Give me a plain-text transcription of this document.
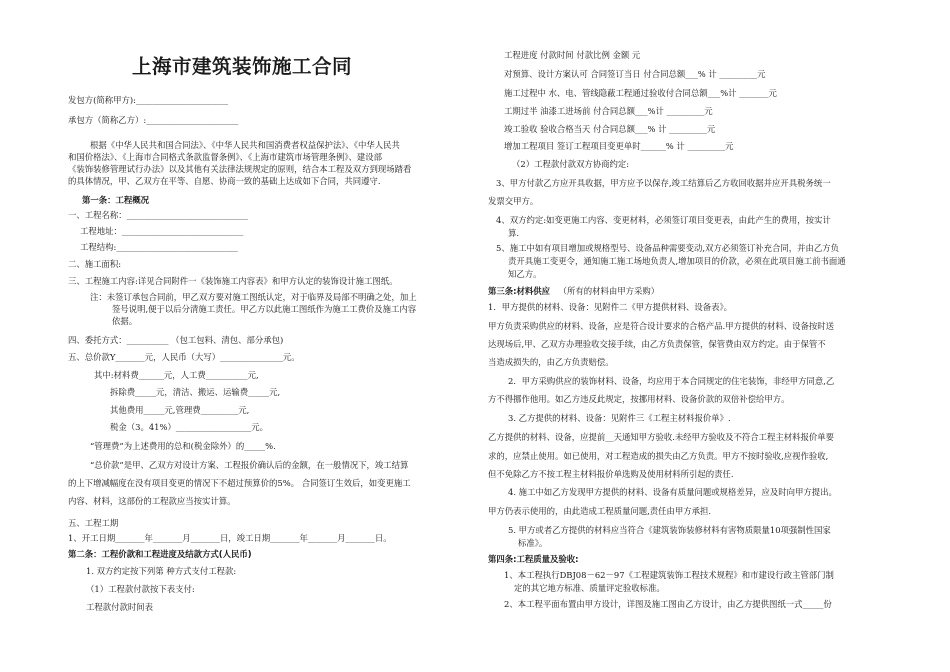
上海市建筑装饰施工合同
发包方(简称甲方):______________________
承包方（简称乙方）:______________________
根据《中华人民共和国合同法》、《中华人民共和国消费者权益保护法》、《中华人民共
和国价格法》、《上海市合同格式条款监督条例》、《上海市建筑市场管理条例》、建设部
《装饰装修管理试行办法》以及其他有关法律法规规定的原则，结合本工程及双方到现场踏看
的具体情况，甲、乙双方在平等、自愿、协商一致的基础上达成如下合同，共同遵守.
第一条：工程概况
一、工程名称：_____________________________
工程地址：_____________________________
工程结构:_____________________________
二、施工面积:
三、工程施工内容:详见合同附件一《装饰施工内容表》和甲方认定的装饰设计施工图纸。
注：未签订承包合同前，甲乙双方要对施工图纸认定，对于临界及局部不明确之处，加上
签号说明,便于以后分清施工责任。甲乙方以此施工图纸作为施工工费价及施工内容
依据。
四、委托方式：__________ （包工包料、清包、部分承包)
五、总价款Y_______元，人民币（大写）_______________元。
其中:材料费______元，人工费__________元,
拆除费_____元，清洁、搬运、运输费_____元,
其他费用_____元,管理费_________元,
税金（3。41%）__________________元。
“管理费”为上述费用的总和(税金除外）的_____%.
“总价款”是甲、乙双方对设计方案、工程报价确认后的金额，在一般情况下，竣工结算
的上下增减幅度在没有项目变更的情况下不超过预算价的5%。 合同签订生效后，如变更施工
内容、材料，这部份的工程款应当按实计算。
五、工程工期
1、开工日期_______年_______月_______日，竣工日期_______年_______月_______日。
第二条：工程价款和工程进度及结款方式(人民币)
1. 双方约定按下列第 种方式支付工程款:
（1）工程款付款按下表支付:
工程款付款时间表
工程进度 付款时间 付款比例 金额 元
对预算、设计方案认可 合同签订当日 付合同总额___% 计 _________元
施工过程中 水、电、管线隐蔽工程通过验收付合同总额___%计 _______元
工期过半 油漆工进场前 付合同总额___%计 _________元
竣工验收 验收合格当天 付合同总额___% 计 _________元
增加工程项目 签订工程项目变更单时______% 计 _________元
（2）工程款付款双方协商约定:
3、甲方付款乙方应开具收据，甲方应予以保存,竣工结算后乙方收回收据并应开具税务统一
发票交甲方。
4、双方约定:如变更施工内容、变更材料，必须签订项目变更表，由此产生的费用，按实计
算.
5、施工中如有项目增加或规格型号、设备品种需要变动,双方必须签订补充合同，并由乙方负
责开具施工变更令，通知施工施工场地负责人,增加项目的价款，必须在此项目施工前书面通
知乙方。
第三条:材料供应 （所有的材料由甲方采购）
1．甲方提供的材料、设备：见附件二《甲方提供材料、设备表》。
甲方负责采购供应的材料、设备，应是符合设计要求的合格产品.甲方提供的材料、设备按时送
达现场后,甲、乙双方办理验收交接手续，由乙方负责保管，保管费由双方约定。由于保管不
当造成损失的，由乙方负责赔偿。
2．甲方采购供应的装饰材料、设备，均应用于本合同规定的住宅装饰，非经甲方同意,乙
方不得挪作他用。如乙方违反此规定，按挪用材料、设备价款的双倍补偿给甲方。
3. 乙方提供的材料、设备：见附件三《工程主材料报价单》.
乙方提供的材料、设备，应提前__天通知甲方验收.未经甲方验收及不符合工程主材料报价单要
求的，应禁止使用。如已使用，对工程造成的损失由乙方负责。甲方不按时验收,应视作验收,
但不免除乙方不按工程主材料报价单选购及使用材料所引起的责任.
4. 施工中如乙方发现甲方提供的材料、设备有质量问题或规格差异，应及时向甲方提出。
甲方仍表示使用的，由此造成工程质量问题,责任由甲方承担.
5. 甲方或者乙方提供的材料应当符合《建筑装饰装修材料有害物质限量10项强制性国家
标准》。
第四条:工程质量及验收:
1、本工程执行DBJ08－62－97《工程建筑装饰工程技术规程》和市建设行政主管部门制
定的其它地方标准、质量评定验收标准。
2、本工程平面布置由甲方设计，详图及施工图由乙方设计，由乙方提供图纸一式_____份
